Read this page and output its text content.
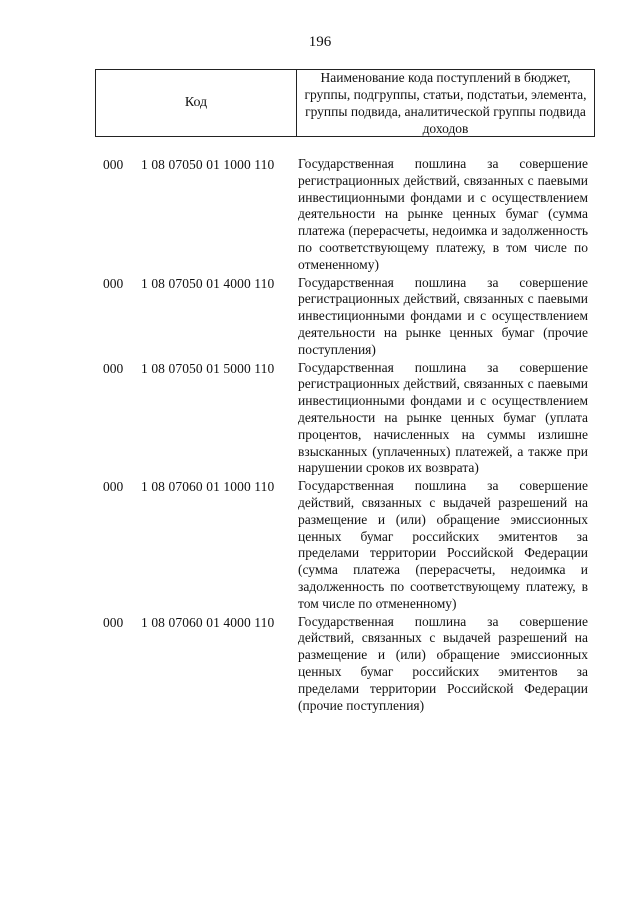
196
Код
Наименование кода поступлений в бюджет, группы, подгруппы, статьи, подстатьи, элемента, группы подвида, аналитической группы подвида доходов
000 1 08 07050 01 1000 110 Государственная пошлина за совершение регистрационных действий, связанных с паевыми инвестиционными фондами и с осуществлением деятельности на рынке ценных бумаг (сумма платежа (перерасчеты, недоимка и задолженность по соответствующему платежу, в том числе по отмененному)
000 1 08 07050 01 4000 110 Государственная пошлина за совершение регистрационных действий, связанных с паевыми инвестиционными фондами и с осуществлением деятельности на рынке ценных бумаг (прочие поступления)
000 1 08 07050 01 5000 110 Государственная пошлина за совершение регистрационных действий, связанных с паевыми инвестиционными фондами и с осуществлением деятельности на рынке ценных бумаг (уплата процентов, начисленных на суммы излишне взысканных (уплаченных) платежей, а также при нарушении сроков их возврата)
000 1 08 07060 01 1000 110 Государственная пошлина за совершение действий, связанных с выдачей разрешений на размещение и (или) обращение эмиссионных ценных бумаг российских эмитентов за пределами территории Российской Федерации (сумма платежа (перерасчеты, недоимка и задолженность по соответствующему платежу, в том числе по отмененному)
000 1 08 07060 01 4000 110 Государственная пошлина за совершение действий, связанных с выдачей разрешений на размещение и (или) обращение эмиссионных ценных бумаг российских эмитентов за пределами территории Российской Федерации (прочие поступления)
